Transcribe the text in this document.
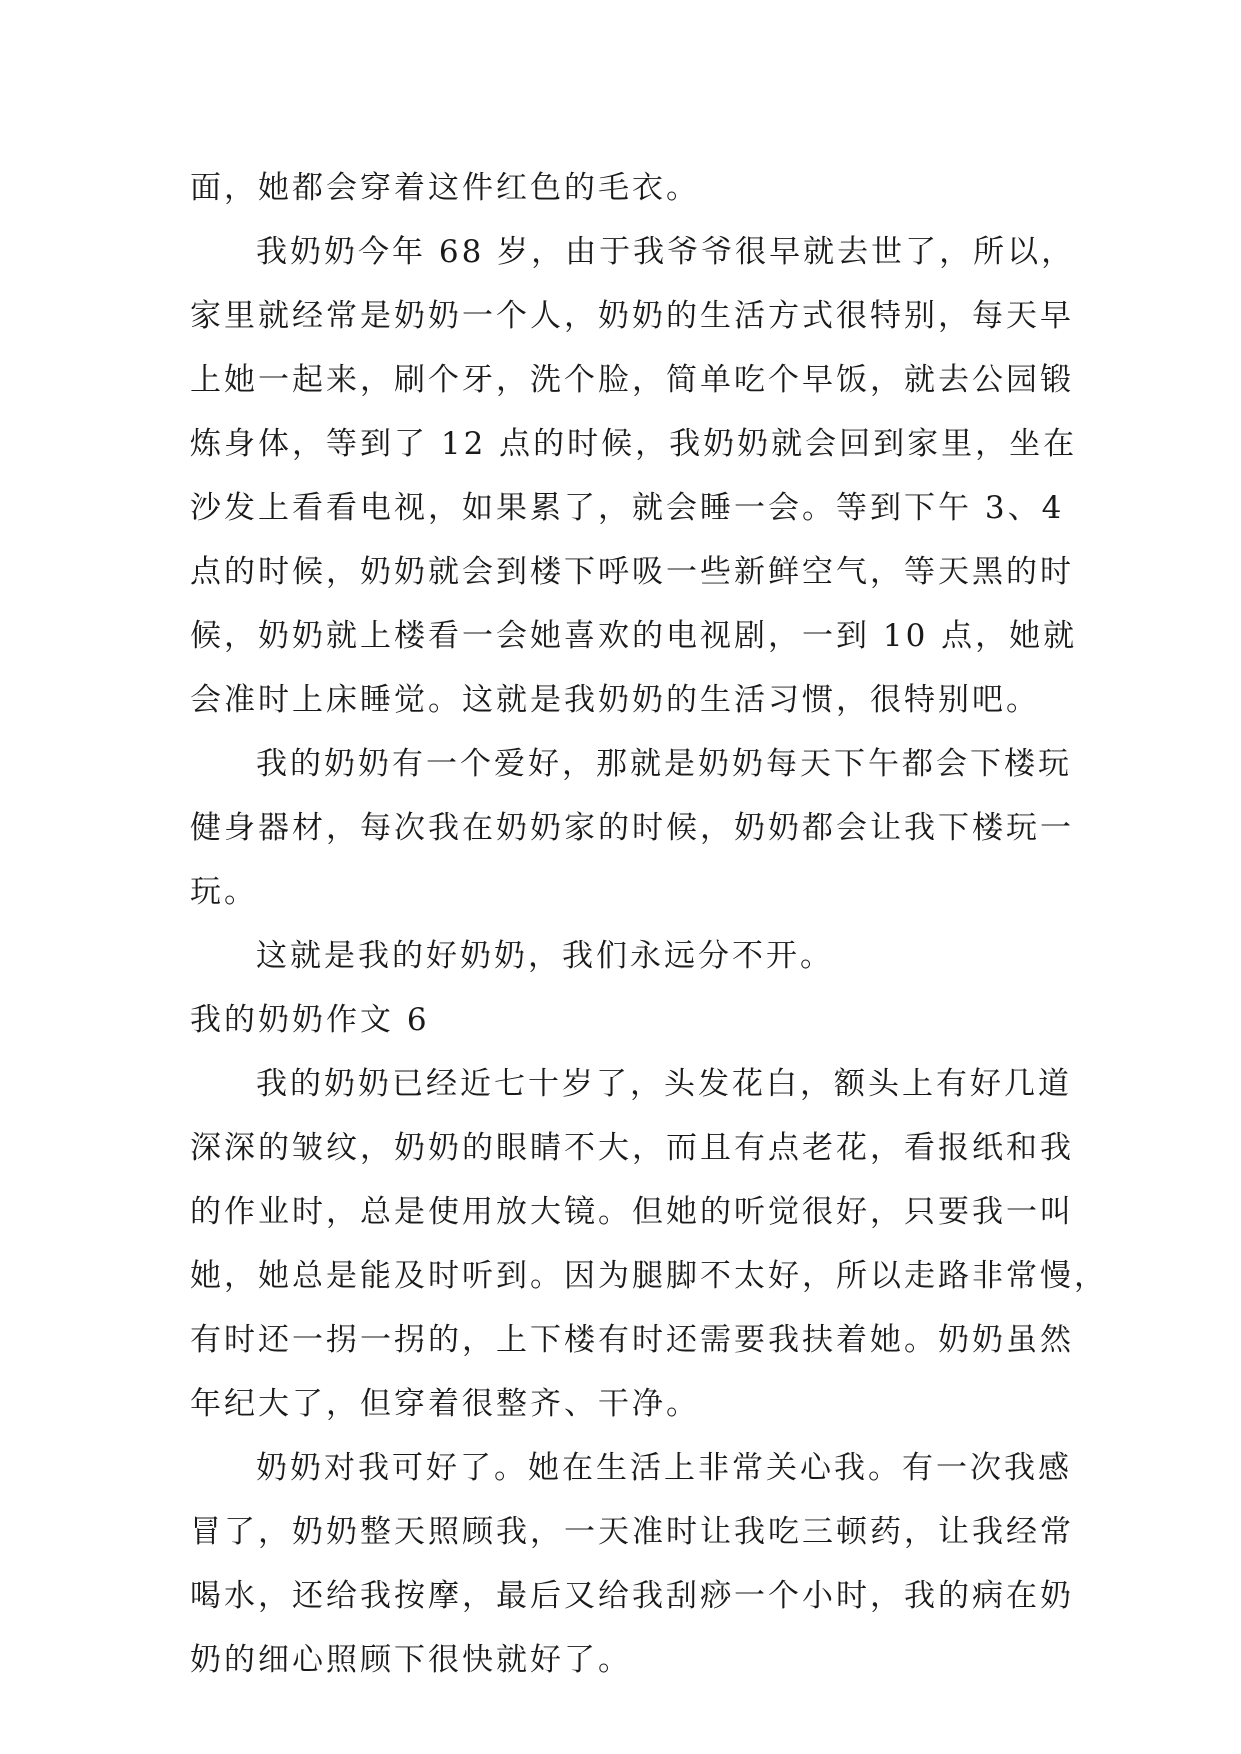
面，她都会穿着这件红色的毛衣。
我奶奶今年 68 岁，由于我爷爷很早就去世了，所以，
家里就经常是奶奶一个人，奶奶的生活方式很特别，每天早
上她一起来，刷个牙，洗个脸，简单吃个早饭，就去公园锻
炼身体，等到了 12 点的时候，我奶奶就会回到家里，坐在
沙发上看看电视，如果累了，就会睡一会。等到下午 3、4
点的时候，奶奶就会到楼下呼吸一些新鲜空气，等天黑的时
候，奶奶就上楼看一会她喜欢的电视剧，一到 10 点，她就
会准时上床睡觉。这就是我奶奶的生活习惯，很特别吧。
我的奶奶有一个爱好，那就是奶奶每天下午都会下楼玩
健身器材，每次我在奶奶家的时候，奶奶都会让我下楼玩一
玩。
这就是我的好奶奶，我们永远分不开。
我的奶奶作文 6
我的奶奶已经近七十岁了，头发花白，额头上有好几道
深深的皱纹，奶奶的眼睛不大，而且有点老花，看报纸和我
的作业时，总是使用放大镜。但她的听觉很好，只要我一叫
她，她总是能及时听到。因为腿脚不太好，所以走路非常慢，
有时还一拐一拐的，上下楼有时还需要我扶着她。奶奶虽然
年纪大了，但穿着很整齐、干净。
奶奶对我可好了。她在生活上非常关心我。有一次我感
冒了，奶奶整天照顾我，一天准时让我吃三顿药，让我经常
喝水，还给我按摩，最后又给我刮痧一个小时，我的病在奶
奶的细心照顾下很快就好了。
